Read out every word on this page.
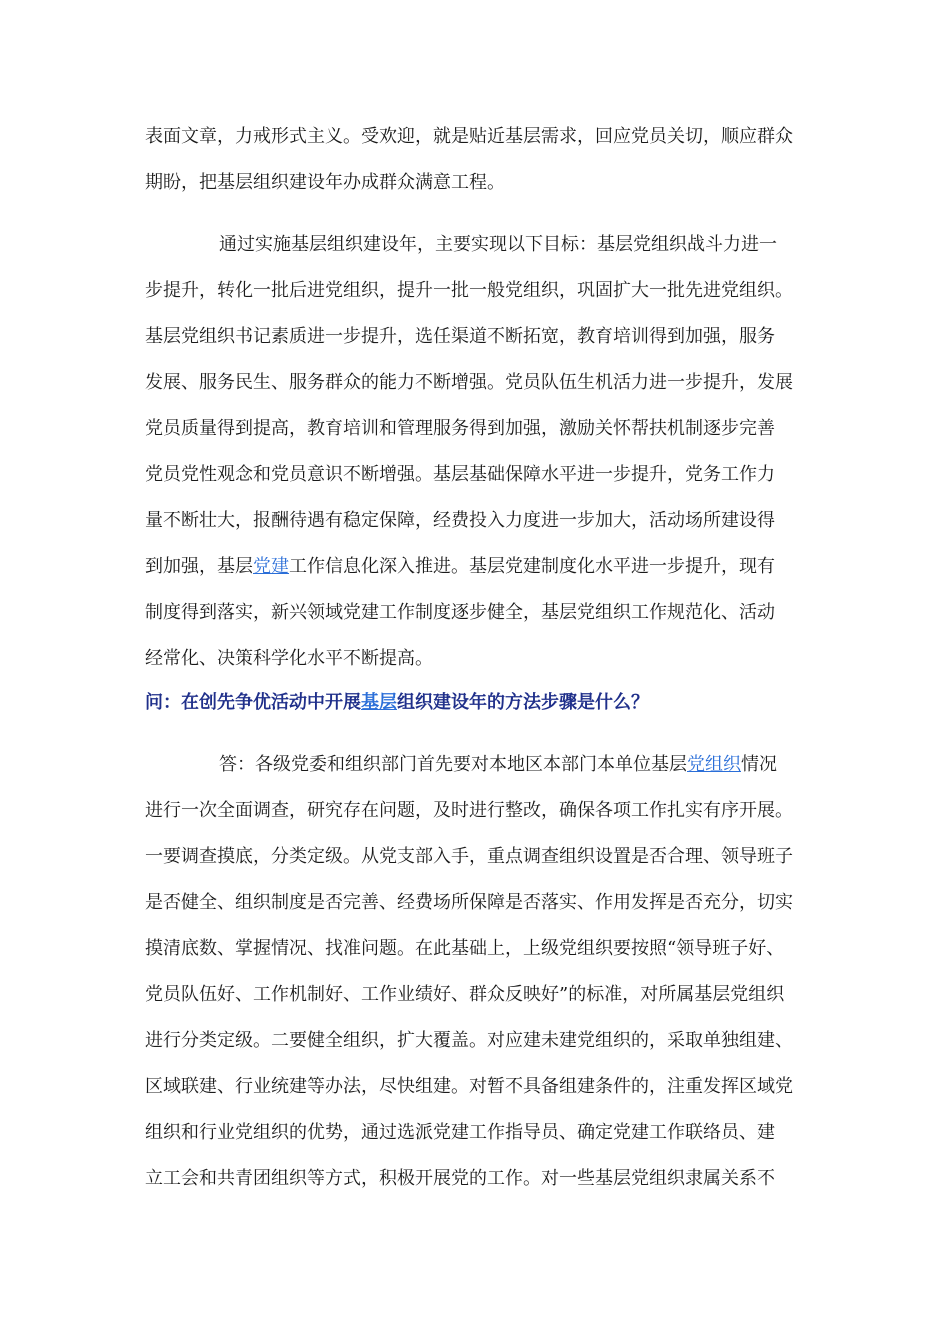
表面文章，力戒形式主义。受欢迎，就是贴近基层需求，回应党员关切，顺应群众
期盼，把基层组织建设年办成群众满意工程。
通过实施基层组织建设年，主要实现以下目标：基层党组织战斗力进一
步提升，转化一批后进党组织，提升一批一般党组织，巩固扩大一批先进党组织。
基层党组织书记素质进一步提升，选任渠道不断拓宽，教育培训得到加强，服务
发展、服务民生、服务群众的能力不断增强。党员队伍生机活力进一步提升，发展
党员质量得到提高，教育培训和管理服务得到加强，激励关怀帮扶机制逐步完善
党员党性观念和党员意识不断增强。基层基础保障水平进一步提升，党务工作力
量不断壮大，报酬待遇有稳定保障，经费投入力度进一步加大，活动场所建设得
到加强，基层党建工作信息化深入推进。基层党建制度化水平进一步提升，现有
制度得到落实，新兴领域党建工作制度逐步健全，基层党组织工作规范化、活动
经常化、决策科学化水平不断提高。
问：在创先争优活动中开展基层组织建设年的方法步骤是什么？
答：各级党委和组织部门首先要对本地区本部门本单位基层党组织情况
进行一次全面调查，研究存在问题，及时进行整改，确保各项工作扎实有序开展。
一要调查摸底，分类定级。从党支部入手，重点调查组织设置是否合理、领导班子
是否健全、组织制度是否完善、经费场所保障是否落实、作用发挥是否充分，切实
摸清底数、掌握情况、找准问题。在此基础上，上级党组织要按照“领导班子好、
党员队伍好、工作机制好、工作业绩好、群众反映好”的标准，对所属基层党组织
进行分类定级。二要健全组织，扩大覆盖。对应建未建党组织的，采取单独组建、
区域联建、行业统建等办法，尽快组建。对暂不具备组建条件的，注重发挥区域党
组织和行业党组织的优势，通过选派党建工作指导员、确定党建工作联络员、建
立工会和共青团组织等方式，积极开展党的工作。对一些基层党组织隶属关系不
